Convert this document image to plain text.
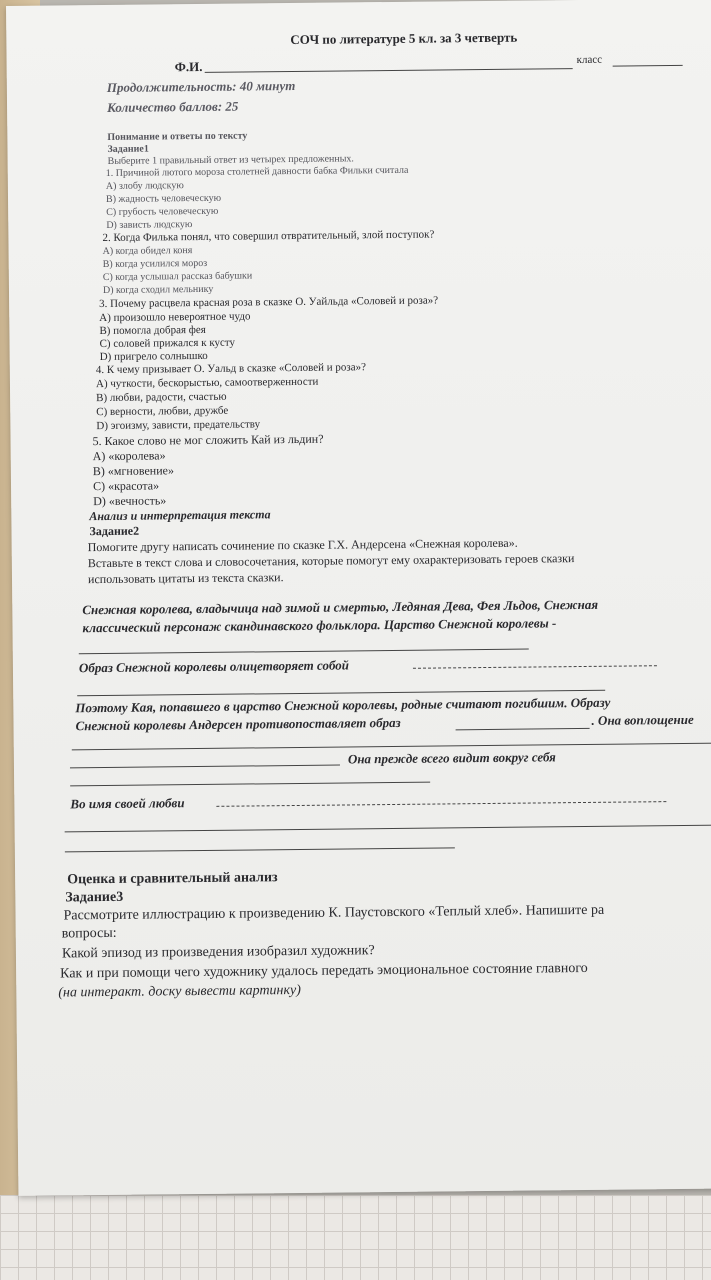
СОЧ по литературе 5 кл. за 3 четверть
Ф.И.	класс
Продолжительность: 40 минут
Количество баллов: 25
Понимание и ответы по тексту
Задание1
Выберите 1 правильный ответ из четырех предложенных.
1. Причиной лютого мороза столетней давности бабка Фильки считала
A) злобу людскую
B) жадность человеческую
C) грубость человеческую
D) зависть людскую
2. Когда Филька понял, что совершил отвратительный, злой поступок?
A) когда обидел коня
B) когда усилился мороз
C) когда услышал рассказ бабушки
D) когда сходил мельнику
3. Почему расцвела красная роза в сказке О. Уайльда «Соловей и роза»?
A) произошло невероятное чудо
B) помогла добрая фея
C) соловей прижался к кусту
D) пригрело солнышко
4. К чему призывает О. Уальд в сказке «Соловей и роза»?
A) чуткости, бескорыстью, самоотверженности
B) любви, радости, счастью
C) верности, любви, дружбе
D) эгоизму, зависти, предательству
5. Какое слово не мог сложить Кай из льдин?
A) «королева»
B) «мгновение»
C) «красота»
D) «вечность»
Анализ и интерпретация текста
Задание2
Помогите другу написать сочинение по сказке Г.Х. Андерсена «Снежная королева».
Вставьте в текст слова и словосочетания, которые помогут ему охарактеризовать героев сказки
использовать цитаты из текста сказки.
Снежная королева, владычица над зимой и смертью, Ледяная Дева, Фея Льдов, Снежная
классический персонаж скандинавского фольклора. Царство Снежной королевы -
Образ Снежной королевы олицетворяет собой
Поэтому Кая, попавшего в царство Снежной королевы, родные считают погибшим. Образу
Снежной королевы Андерсен противопоставляет образ	. Она воплощение
Она прежде всего видит вокруг себя
Во имя своей любви
Оценка и сравнительный анализ
Задание3
Рассмотрите иллюстрацию к произведению К. Паустовского «Теплый хлеб». Напишите ра
вопросы:
Какой эпизод из произведения изобразил художник?
Как и при помощи чего художнику удалось передать эмоциональное состояние главного
(на интеракт. доску вывести картинку)
